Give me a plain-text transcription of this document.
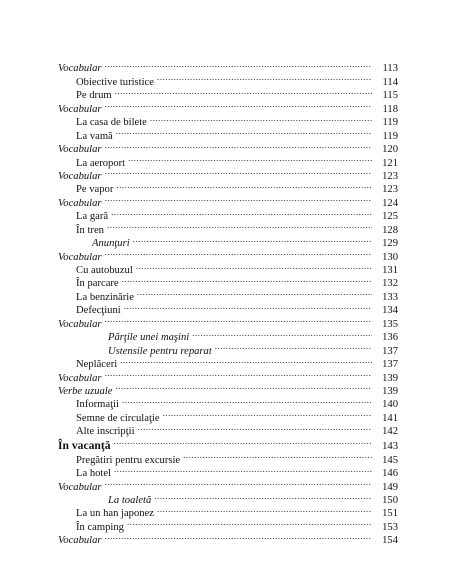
Vocabular .....	113
Obiective turistice .....	114
Pe drum .....	115
Vocabular .....	118
La casa de bilete .....	119
La vamă .....	119
Vocabular .....	120
La aeroport .....	121
Vocabular .....	123
Pe vapor .....	123
Vocabular .....	124
La gară .....	125
În tren .....	128
Anunţuri .....	129
Vocabular .....	130
Cu autobuzul .....	131
În parcare .....	132
La benzinărie .....	133
Defecţiuni .....	134
Vocabular .....	135
Părţile unei maşini .....	136
Ustensile pentru reparat .....	137
Neplăceri .....	137
Vocabular .....	139
Verbe uzuale .....	139
Informaţii .....	140
Semne de circulaţie .....	141
Alte inscripţii .....	142
În vacanţă .....	143
Pregătiri pentru excursie .....	145
La hotel .....	146
Vocabular .....	149
La toaletă .....	150
La un han japonez .....	151
În camping .....	153
Vocabular .....	154
